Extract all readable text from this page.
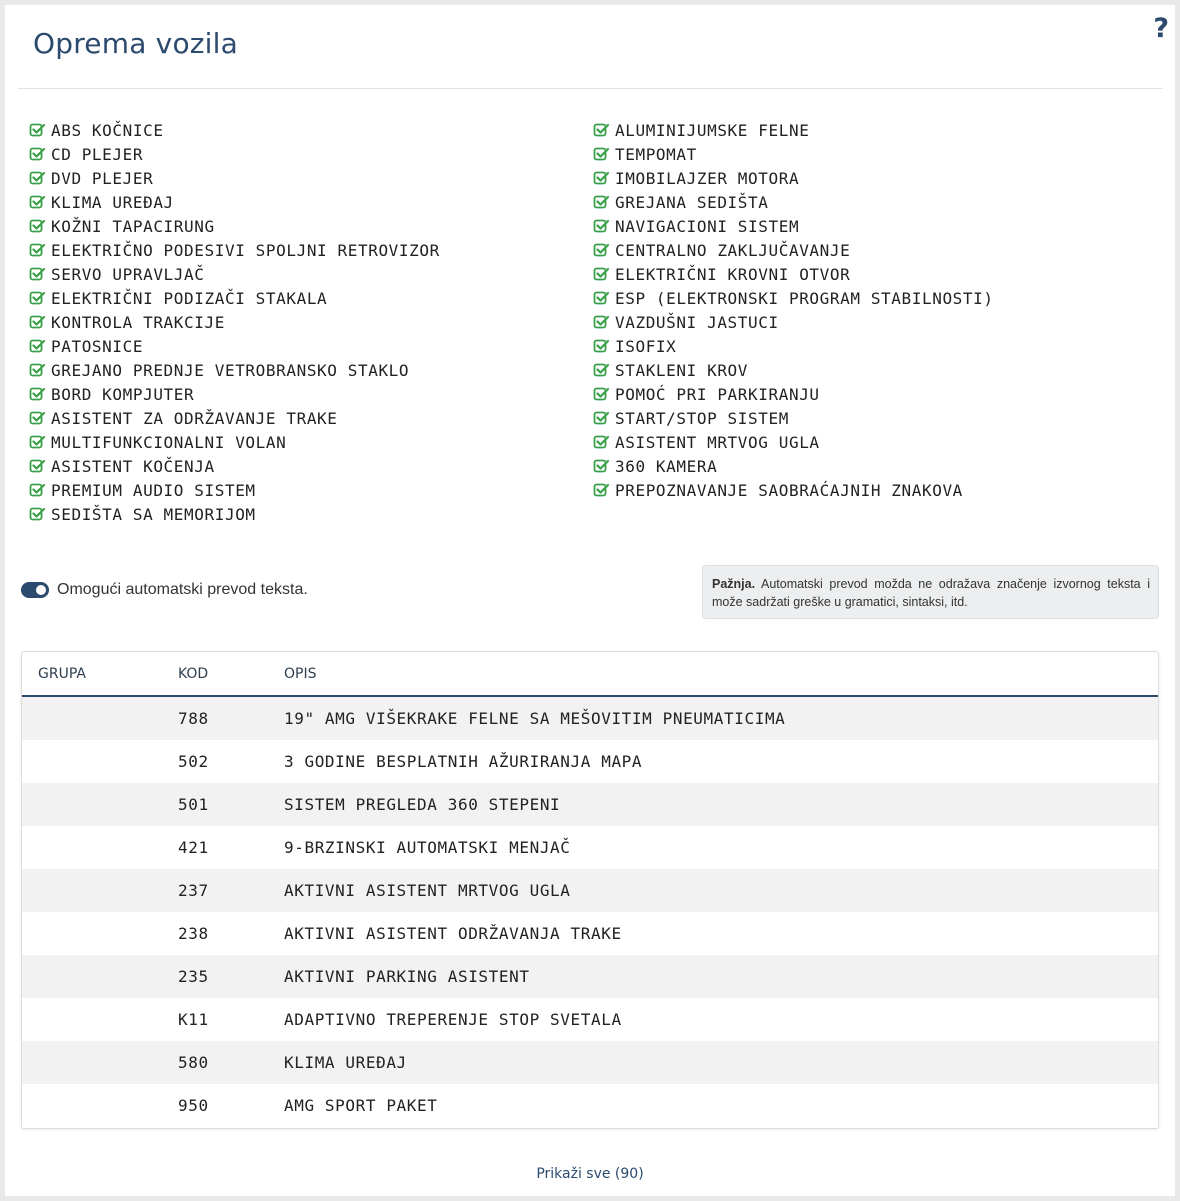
Oprema vozila	?
ABS KOČNICE
CD PLEJER
DVD PLEJER
KLIMA UREĐAJ
KOŽNI TAPACIRUNG
ELEKTRIČNO PODESIVI SPOLJNI RETROVIZOR
SERVO UPRAVLJAČ
ELEKTRIČNI PODIZAČI STAKALA
KONTROLA TRAKCIJE
PATOSNICE
GREJANO PREDNJE VETROBRANSKO STAKLO
BORD KOMPJUTER
ASISTENT ZA ODRŽAVANJE TRAKE
MULTIFUNKCIONALNI VOLAN
ASISTENT KOČENJA
PREMIUM AUDIO SISTEM
SEDIŠTA SA MEMORIJOM
ALUMINIJUMSKE FELNE
TEMPOMAT
IMOBILAJZER MOTORA
GREJANA SEDIŠTA
NAVIGACIONI SISTEM
CENTRALNO ZAKLJUČAVANJE
ELEKTRIČNI KROVNI OTVOR
ESP (ELEKTRONSKI PROGRAM STABILNOSTI)
VAZDUŠNI JASTUCI
ISOFIX
STAKLENI KROV
POMOĆ PRI PARKIRANJU
START/STOP SISTEM
ASISTENT MRTVOG UGLA
360 KAMERA
PREPOZNAVANJE SAOBRAĆAJNIH ZNAKOVA
Omogući automatski prevod teksta.	Pažnja. Automatski prevod možda ne odražava značenje izvornog teksta i može sadržati greške u gramatici, sintaksi, itd.
GRUPA	KOD	OPIS
	788	19" AMG VIŠEKRAKE FELNE SA MEŠOVITIM PNEUMATICIMA
	502	3 GODINE BESPLATNIH AŽURIRANJA MAPA
	501	SISTEM PREGLEDA 360 STEPENI
	421	9-BRZINSKI AUTOMATSKI MENJAČ
	237	AKTIVNI ASISTENT MRTVOG UGLA
	238	AKTIVNI ASISTENT ODRŽAVANJA TRAKE
	235	AKTIVNI PARKING ASISTENT
	K11	ADAPTIVNO TREPERENJE STOP SVETALA
	580	KLIMA UREĐAJ
	950	AMG SPORT PAKET
Prikaži sve (90)
